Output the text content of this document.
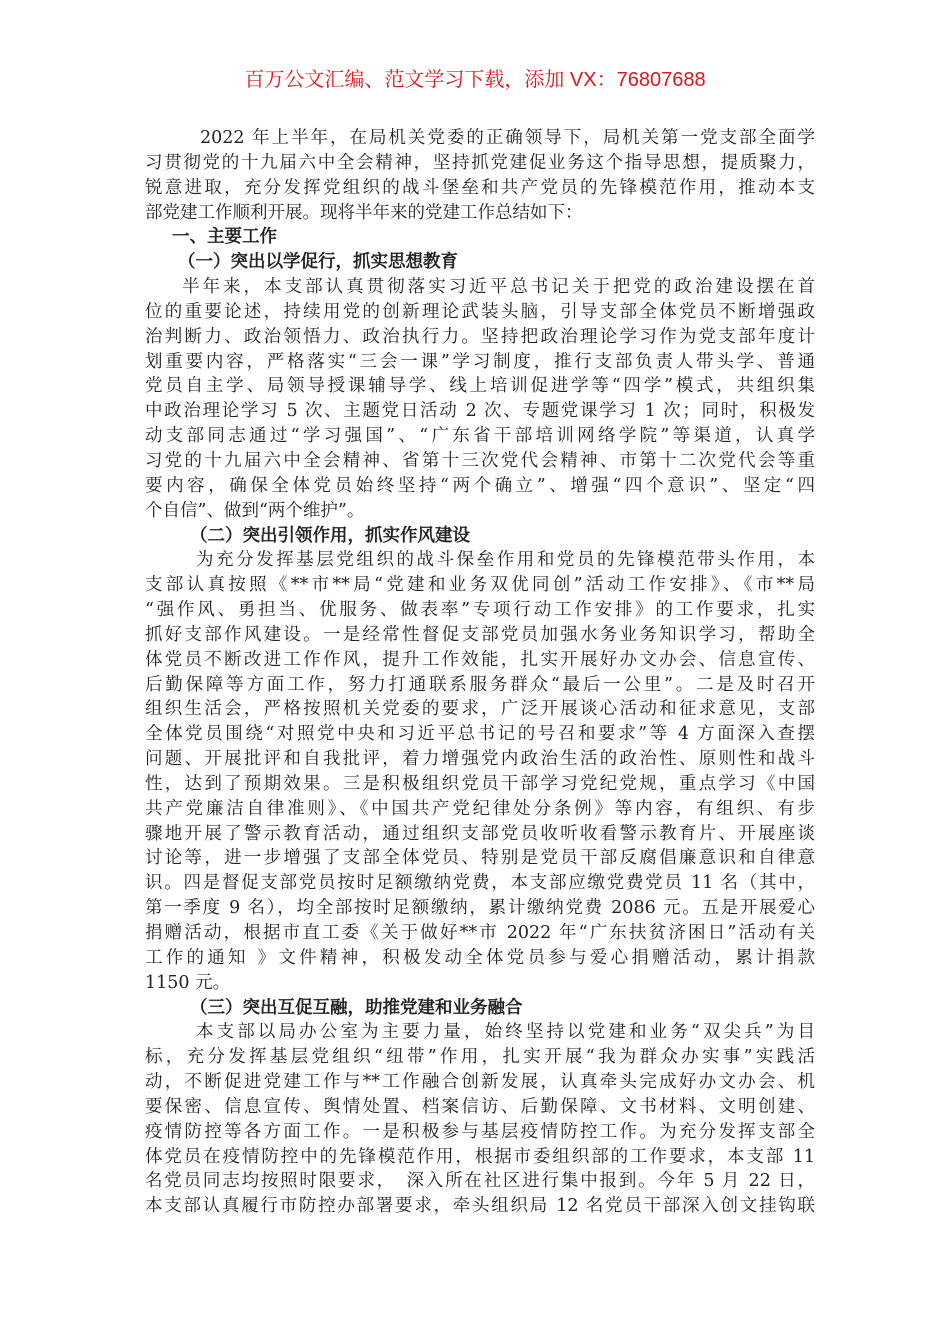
百万公文汇编、范文学习下载，添加 VX：76807688
2022 年上半年，在局机关党委的正确领导下，局机关第一党支部全面学
习贯彻党的十九届六中全会精神，坚持抓党建促业务这个指导思想，提质聚力，
锐意进取，充分发挥党组织的战斗堡垒和共产党员的先锋模范作用，推动本支
部党建工作顺利开展。现将半年来的党建工作总结如下：
一、主要工作
（一）突出以学促行，抓实思想教育
半年来，本支部认真贯彻落实习近平总书记关于把党的政治建设摆在首
位的重要论述，持续用党的创新理论武装头脑，引导支部全体党员不断增强政
治判断力、政治领悟力、政治执行力。坚持把政治理论学习作为党支部年度计
划重要内容，严格落实“三会一课”学习制度，推行支部负责人带头学、普通
党员自主学、局领导授课辅导学、线上培训促进学等“四学”模式，共组织集
中政治理论学习 5 次、主题党日活动 2 次、专题党课学习 1 次；同时，积极发
动支部同志通过“学习强国”、“广东省干部培训网络学院”等渠道，认真学
习党的十九届六中全会精神、省第十三次党代会精神、市第十二次党代会等重
要内容，确保全体党员始终坚持“两个确立”、增强“四个意识”、坚定“四
个自信”、做到“两个维护”。
（二）突出引领作用，抓实作风建设
为充分发挥基层党组织的战斗保垒作用和党员的先锋模范带头作用，本
支部认真按照《**市**局“党建和业务双优同创”活动工作安排》、《市**局
“强作风、勇担当、优服务、做表率”专项行动工作安排》的工作要求，扎实
抓好支部作风建设。一是经常性督促支部党员加强水务业务知识学习，帮助全
体党员不断改进工作作风，提升工作效能，扎实开展好办文办会、信息宣传、
后勤保障等方面工作，努力打通联系服务群众“最后一公里”。二是及时召开
组织生活会，严格按照机关党委的要求，广泛开展谈心活动和征求意见，支部
全体党员围绕“对照党中央和习近平总书记的号召和要求”等 4 方面深入查摆
问题、开展批评和自我批评，着力增强党内政治生活的政治性、原则性和战斗
性，达到了预期效果。三是积极组织党员干部学习党纪党规，重点学习《中国
共产党廉洁自律准则》、《中国共产党纪律处分条例》等内容，有组织、有步
骤地开展了警示教育活动，通过组织支部党员收听收看警示教育片、开展座谈
讨论等，进一步增强了支部全体党员、特别是党员干部反腐倡廉意识和自律意
识。四是督促支部党员按时足额缴纳党费，本支部应缴党费党员 11 名（其中，
第一季度 9 名），均全部按时足额缴纳，累计缴纳党费 2086 元。五是开展爱心
捐赠活动，根据市直工委《关于做好**市 2022 年“广东扶贫济困日”活动有关
工作的通知 》文件精神，积极发动全体党员参与爱心捐赠活动，累计捐款
1150 元。
（三）突出互促互融，助推党建和业务融合
本支部以局办公室为主要力量，始终坚持以党建和业务“双尖兵”为目
标，充分发挥基层党组织“纽带”作用，扎实开展“我为群众办实事”实践活
动，不断促进党建工作与**工作融合创新发展，认真牵头完成好办文办会、机
要保密、信息宣传、舆情处置、档案信访、后勤保障、文书材料、文明创建、
疫情防控等各方面工作。一是积极参与基层疫情防控工作。为充分发挥支部全
体党员在疫情防控中的先锋模范作用，根据市委组织部的工作要求，本支部 11
名党员同志均按照时限要求，　深入所在社区进行集中报到。今年 5 月 22 日，
本支部认真履行市防控办部署要求，牵头组织局 12 名党员干部深入创文挂钩联
